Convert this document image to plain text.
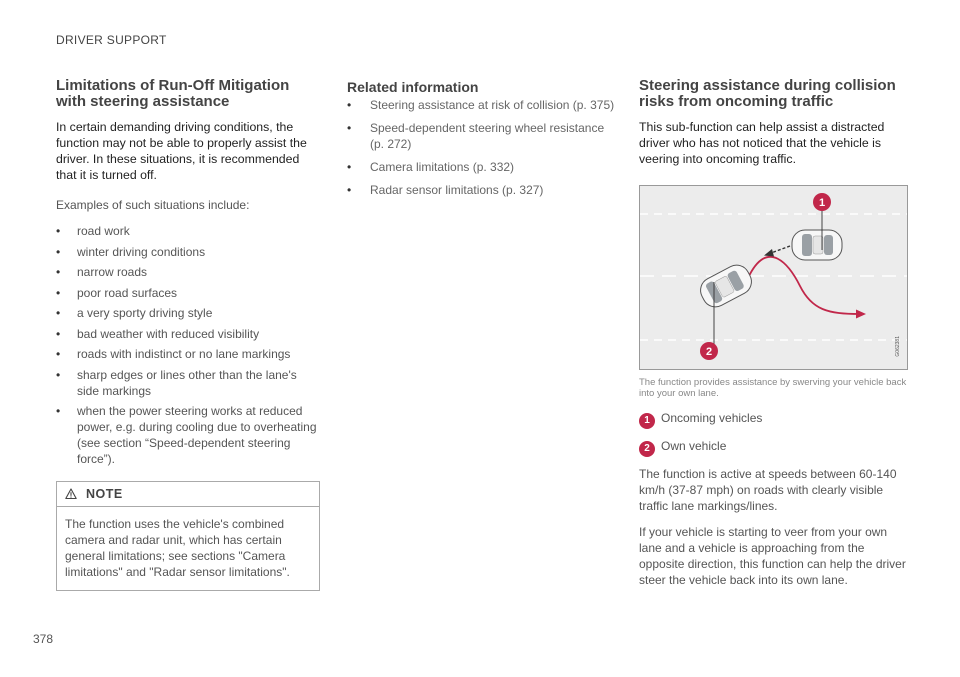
DRIVER SUPPORT
Limitations of Run-Off Mitigation with steering assistance

In certain demanding driving conditions, the function may not be able to properly assist the driver. In these situations, it is recommended that it is turned off.

Examples of such situations include:

• road work
• winter driving conditions
• narrow roads
• poor road surfaces
• a very sporty driving style
• bad weather with reduced visibility
• roads with indistinct or no lane markings
• sharp edges or lines other than the lane's side markings
• when the power steering works at reduced power, e.g. during cooling due to overheating (see section “Speed-dependent steering force”).
NOTE
The function uses the vehicle's combined camera and radar unit, which has certain general limitations; see sections "Camera limitations" and "Radar sensor limitations".
Related information
• Steering assistance at risk of collision (p. 375)
• Speed-dependent steering wheel resistance (p. 272)
• Camera limitations (p. 332)
• Radar sensor limitations (p. 327)
Steering assistance during collision risks from oncoming traffic

This sub-function can help assist a distracted driver who has not noticed that the vehicle is veering into oncoming traffic.

1
2	G062381
The function provides assistance by swerving your vehicle back into your own lane.
1 Oncoming vehicles
2 Own vehicle

The function is active at speeds between 60-140 km/h (37-87 mph) on roads with clearly visible traffic lane markings/lines.

If your vehicle is starting to veer from your own lane and a vehicle is approaching from the opposite direction, this function can help the driver steer the vehicle back into its own lane.

378
